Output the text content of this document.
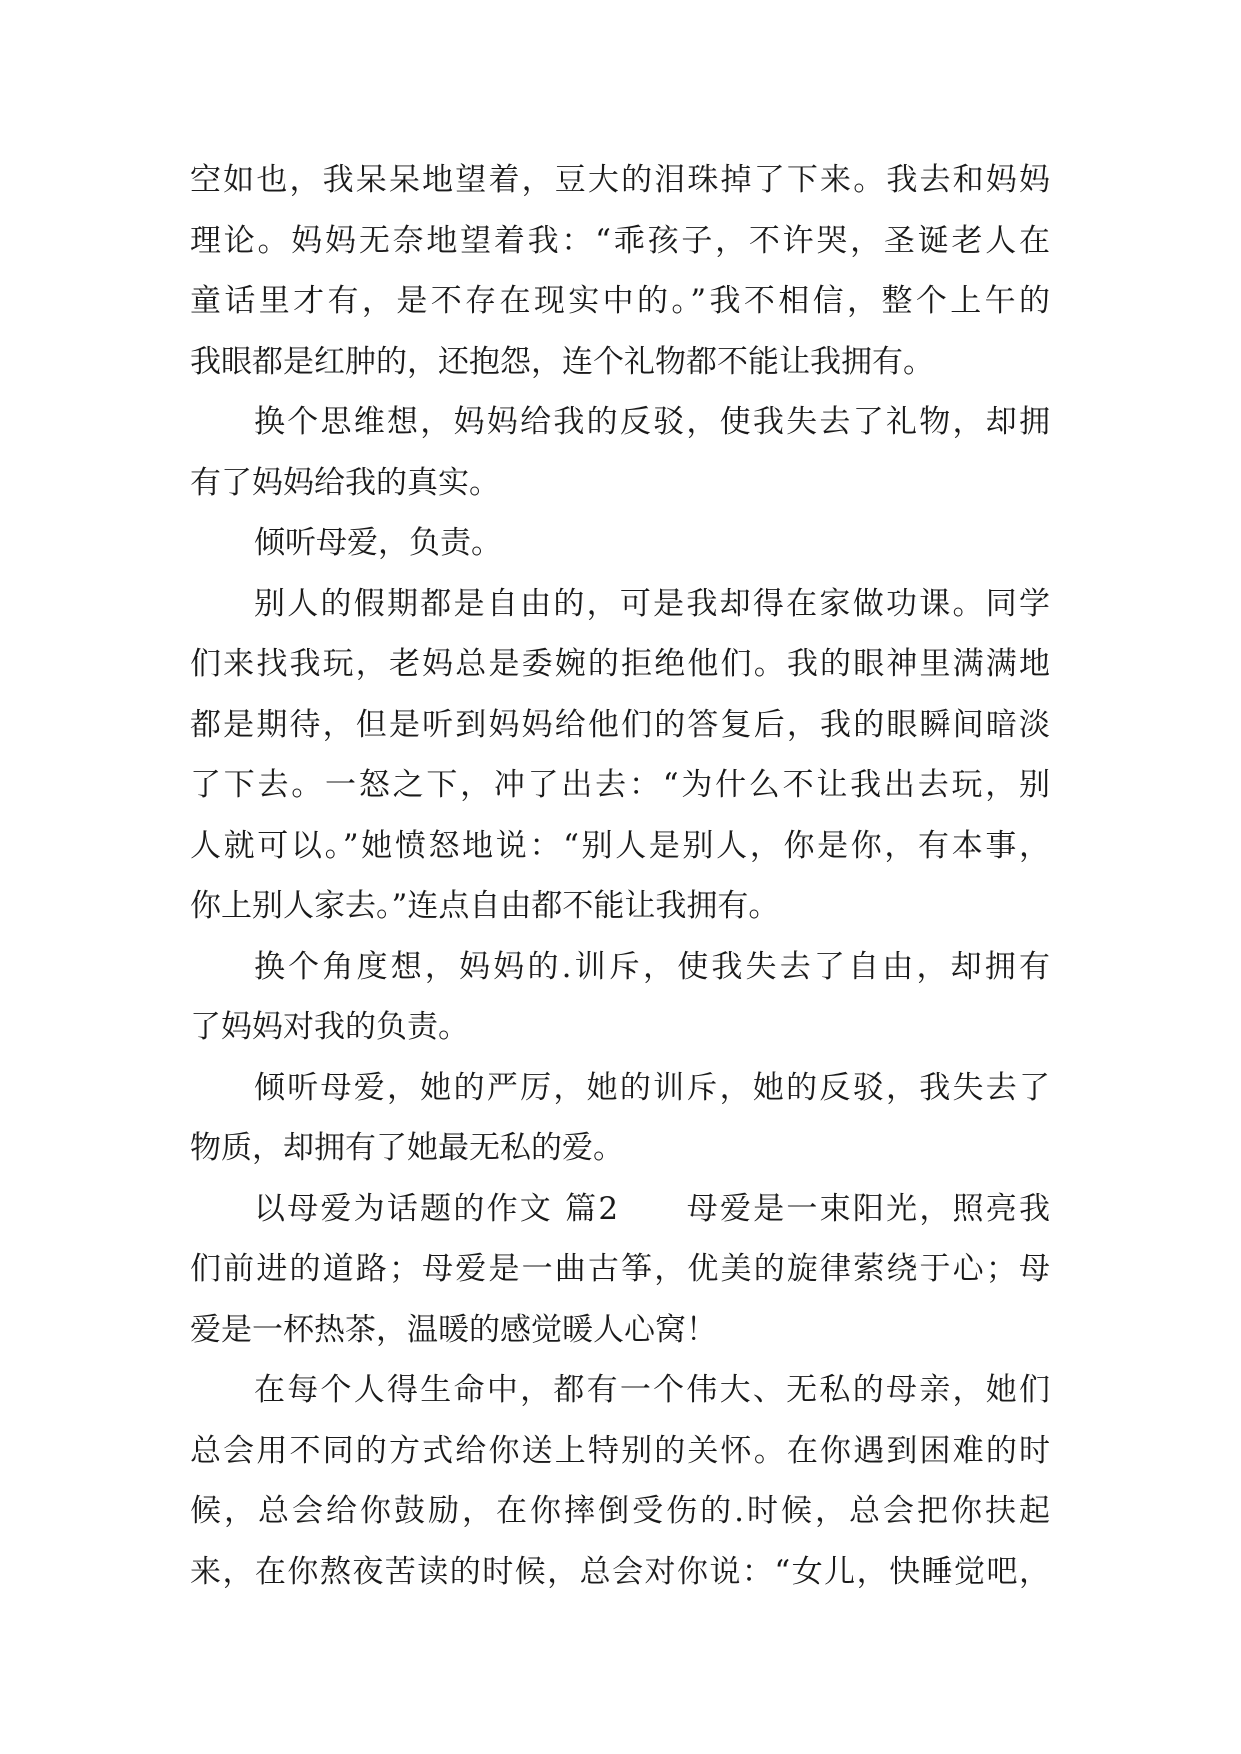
空如也，我呆呆地望着，豆大的泪珠掉了下来。我去和妈妈
理论。妈妈无奈地望着我：“乖孩子，不许哭，圣诞老人在
童话里才有，是不存在现实中的。”我不相信，整个上午的
我眼都是红肿的，还抱怨，连个礼物都不能让我拥有。
换个思维想，妈妈给我的反驳，使我失去了礼物，却拥
有了妈妈给我的真实。
倾听母爱，负责。
别人的假期都是自由的，可是我却得在家做功课。同学
们来找我玩，老妈总是委婉的拒绝他们。我的眼神里满满地
都是期待，但是听到妈妈给他们的答复后，我的眼瞬间暗淡
了下去。一怒之下，冲了出去：“为什么不让我出去玩，别
人就可以。”她愤怒地说：“别人是别人，你是你，有本事，
你上别人家去。”连点自由都不能让我拥有。
换个角度想，妈妈的.训斥，使我失去了自由，却拥有
了妈妈对我的负责。
倾听母爱，她的严厉，她的训斥，她的反驳，我失去了
物质，却拥有了她最无私的爱。
以母爱为话题的作文 篇2　　母爱是一束阳光，照亮我
们前进的道路；母爱是一曲古筝，优美的旋律萦绕于心；母
爱是一杯热茶，温暖的感觉暖人心窝！
在每个人得生命中，都有一个伟大、无私的母亲，她们
总会用不同的方式给你送上特别的关怀。在你遇到困难的时
候，总会给你鼓励，在你摔倒受伤的.时候，总会把你扶起
来，在你熬夜苦读的时候，总会对你说：“女儿，快睡觉吧，
